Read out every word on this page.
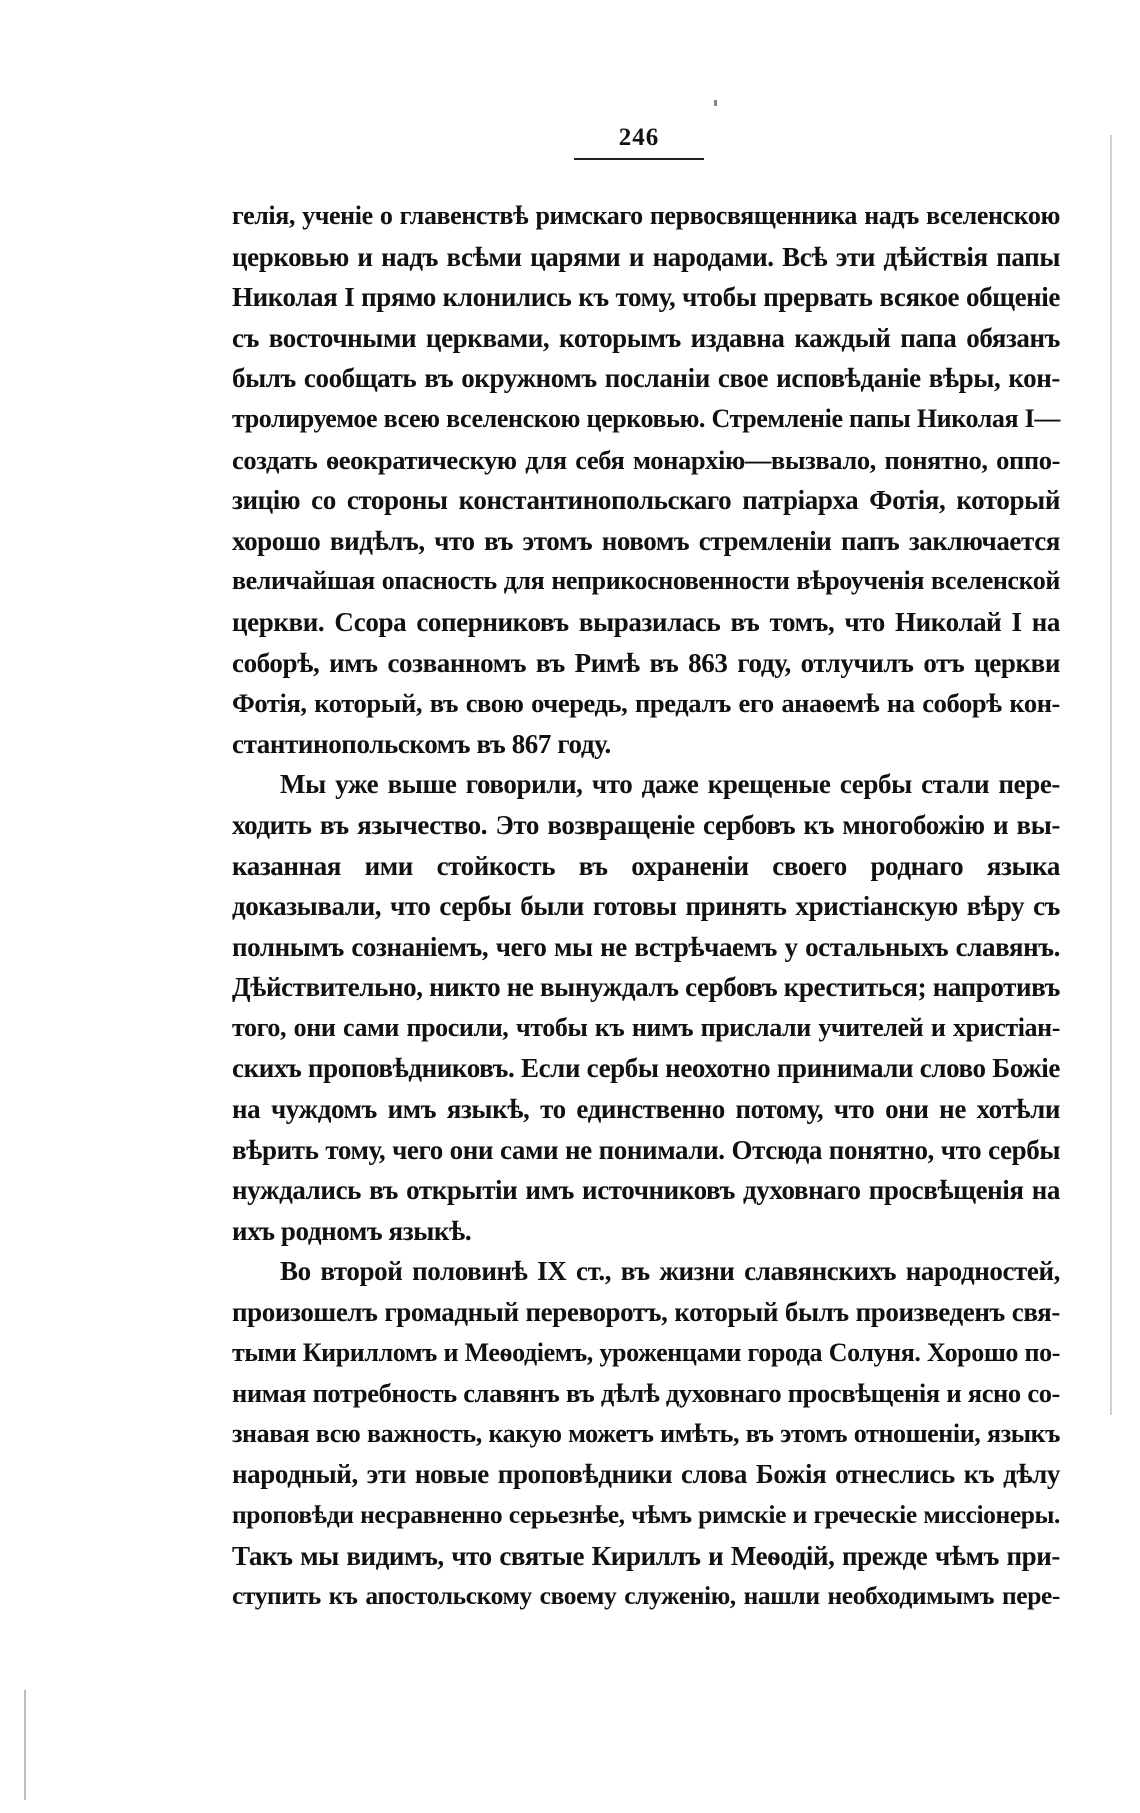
246
гелія, ученіе о главенствѣ римскаго первосвященника надъ вселенскою
церковью и надъ всѣми царями и народами. Всѣ эти дѣйствія папы
Николая I прямо клонились къ тому, чтобы прервать всякое общеніе
съ восточными церквами, которымъ издавна каждый папа обязанъ
былъ сообщать въ окружномъ посланіи свое исповѣданіе вѣры, кон-
тролируемое всею вселенскою церковью. Стремленіе папы Николая I—
создать ѳеократическую для себя монархію—вызвало, понятно, оппо-
зицію со стороны константинопольскаго патріарха Фотія, который
хорошо видѣлъ, что въ этомъ новомъ стремленіи папъ заключается
величайшая опасность для неприкосновенности вѣроученія вселенской
церкви. Ссора соперниковъ выразилась въ томъ, что Николай I на
соборѣ, имъ созванномъ въ Римѣ въ 863 году, отлучилъ отъ церкви
Фотія, который, въ свою очередь, предалъ его анаѳемѣ на соборѣ кон-
стантинопольскомъ въ 867 году.
Мы уже выше говорили, что даже крещеные сербы стали пере-
ходить въ язычество. Это возвращеніе сербовъ къ многобожію и вы-
казанная ими стойкость въ охраненіи своего роднаго языка
доказывали, что сербы были готовы принять христіанскую вѣру съ
полнымъ сознаніемъ, чего мы не встрѣчаемъ у остальныхъ славянъ.
Дѣйствительно, никто не вынуждалъ сербовъ креститься; напротивъ
того, они сами просили, чтобы къ нимъ прислали учителей и христіан-
скихъ проповѣдниковъ. Если сербы неохотно принимали слово Божіе
на чуждомъ имъ языкѣ, то единственно потому, что они не хотѣли
вѣрить тому, чего они сами не понимали. Отсюда понятно, что сербы
нуждались въ открытіи имъ источниковъ духовнаго просвѣщенія на
ихъ родномъ языкѣ.
Во второй половинѣ IX ст., въ жизни славянскихъ народностей,
произошелъ громадный переворотъ, который былъ произведенъ свя-
тыми Кирилломъ и Меѳодіемъ, уроженцами города Солуня. Хорошо по-
нимая потребность славянъ въ дѣлѣ духовнаго просвѣщенія и ясно со-
знавая всю важность, какую можетъ имѣть, въ этомъ отношеніи, языкъ
народный, эти новые проповѣдники слова Божія отнеслись къ дѣлу
проповѣди несравненно серьезнѣе, чѣмъ римскіе и греческіе миссіонеры.
Такъ мы видимъ, что святые Кириллъ и Меѳодій, прежде чѣмъ при-
ступить къ апостольскому своему служенію, нашли необходимымъ пере-
